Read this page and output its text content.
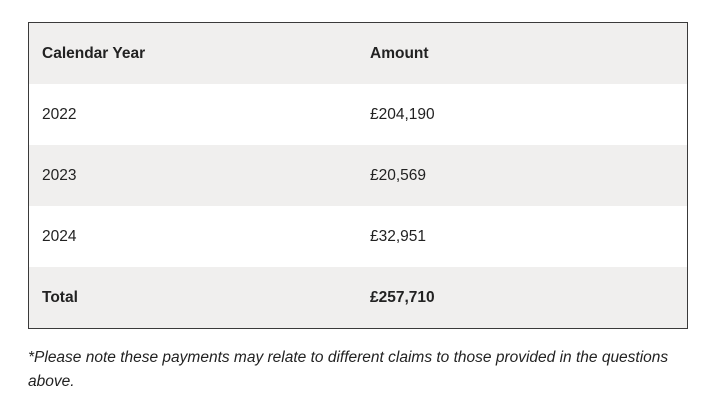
Calendar Year	Amount
2022	£204,190
2023	£20,569
2024	£32,951
Total	£257,710
*Please note these payments may relate to different claims to those provided in the questions above.
